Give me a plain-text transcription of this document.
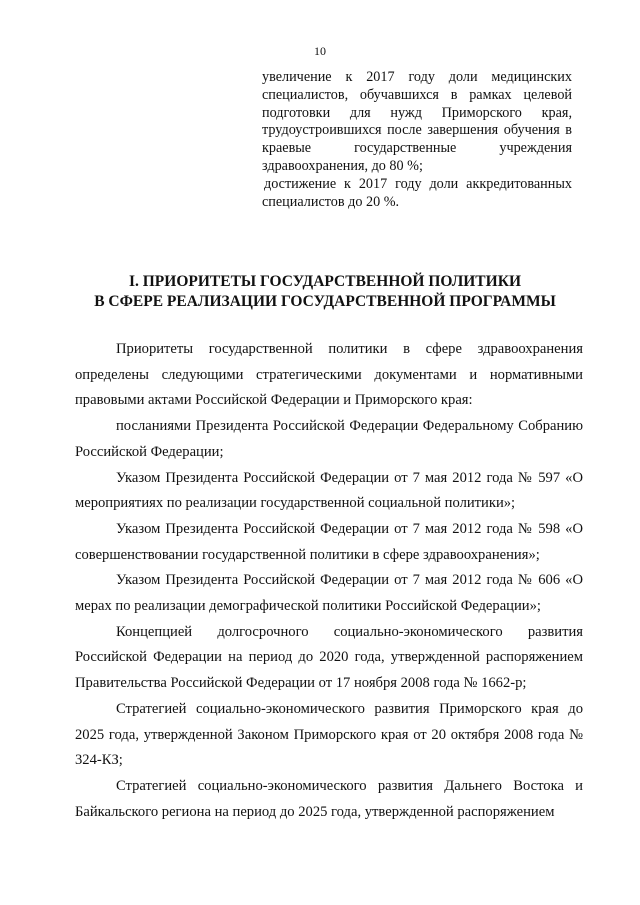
10

увеличение к 2017 году доли медицинских специалистов, обучавшихся в рамках целевой подготовки для нужд Приморского края, трудоустроившихся после завершения обучения в краевые государственные учреждения здравоохранения, до 80 %;

достижение к 2017 году доли аккредитованных специалистов до 20 %.

I. ПРИОРИТЕТЫ ГОСУДАРСТВЕННОЙ ПОЛИТИКИ
В СФЕРЕ РЕАЛИЗАЦИИ ГОСУДАРСТВЕННОЙ ПРОГРАММЫ

Приоритеты государственной политики в сфере здравоохранения определены следующими стратегическими документами и нормативными правовыми актами Российской Федерации и Приморского края:

посланиями Президента Российской Федерации Федеральному Собранию Российской Федерации;

Указом Президента Российской Федерации от 7 мая 2012 года № 597 «О мероприятиях по реализации государственной социальной политики»;

Указом Президента Российской Федерации от 7 мая 2012 года № 598 «О совершенствовании государственной политики в сфере здравоохранения»;

Указом Президента Российской Федерации от 7 мая 2012 года № 606 «О мерах по реализации демографической политики Российской Федерации»;

Концепцией долгосрочного социально-экономического развития Российской Федерации на период до 2020 года, утвержденной распоряжением Правительства Российской Федерации от 17 ноября 2008 года № 1662-р;

Стратегией социально-экономического развития Приморского края до 2025 года, утвержденной Законом Приморского края от 20 октября 2008 года № 324-КЗ;

Стратегией социально-экономического развития Дальнего Востока и Байкальского региона на период до 2025 года, утвержденной распоряжением
